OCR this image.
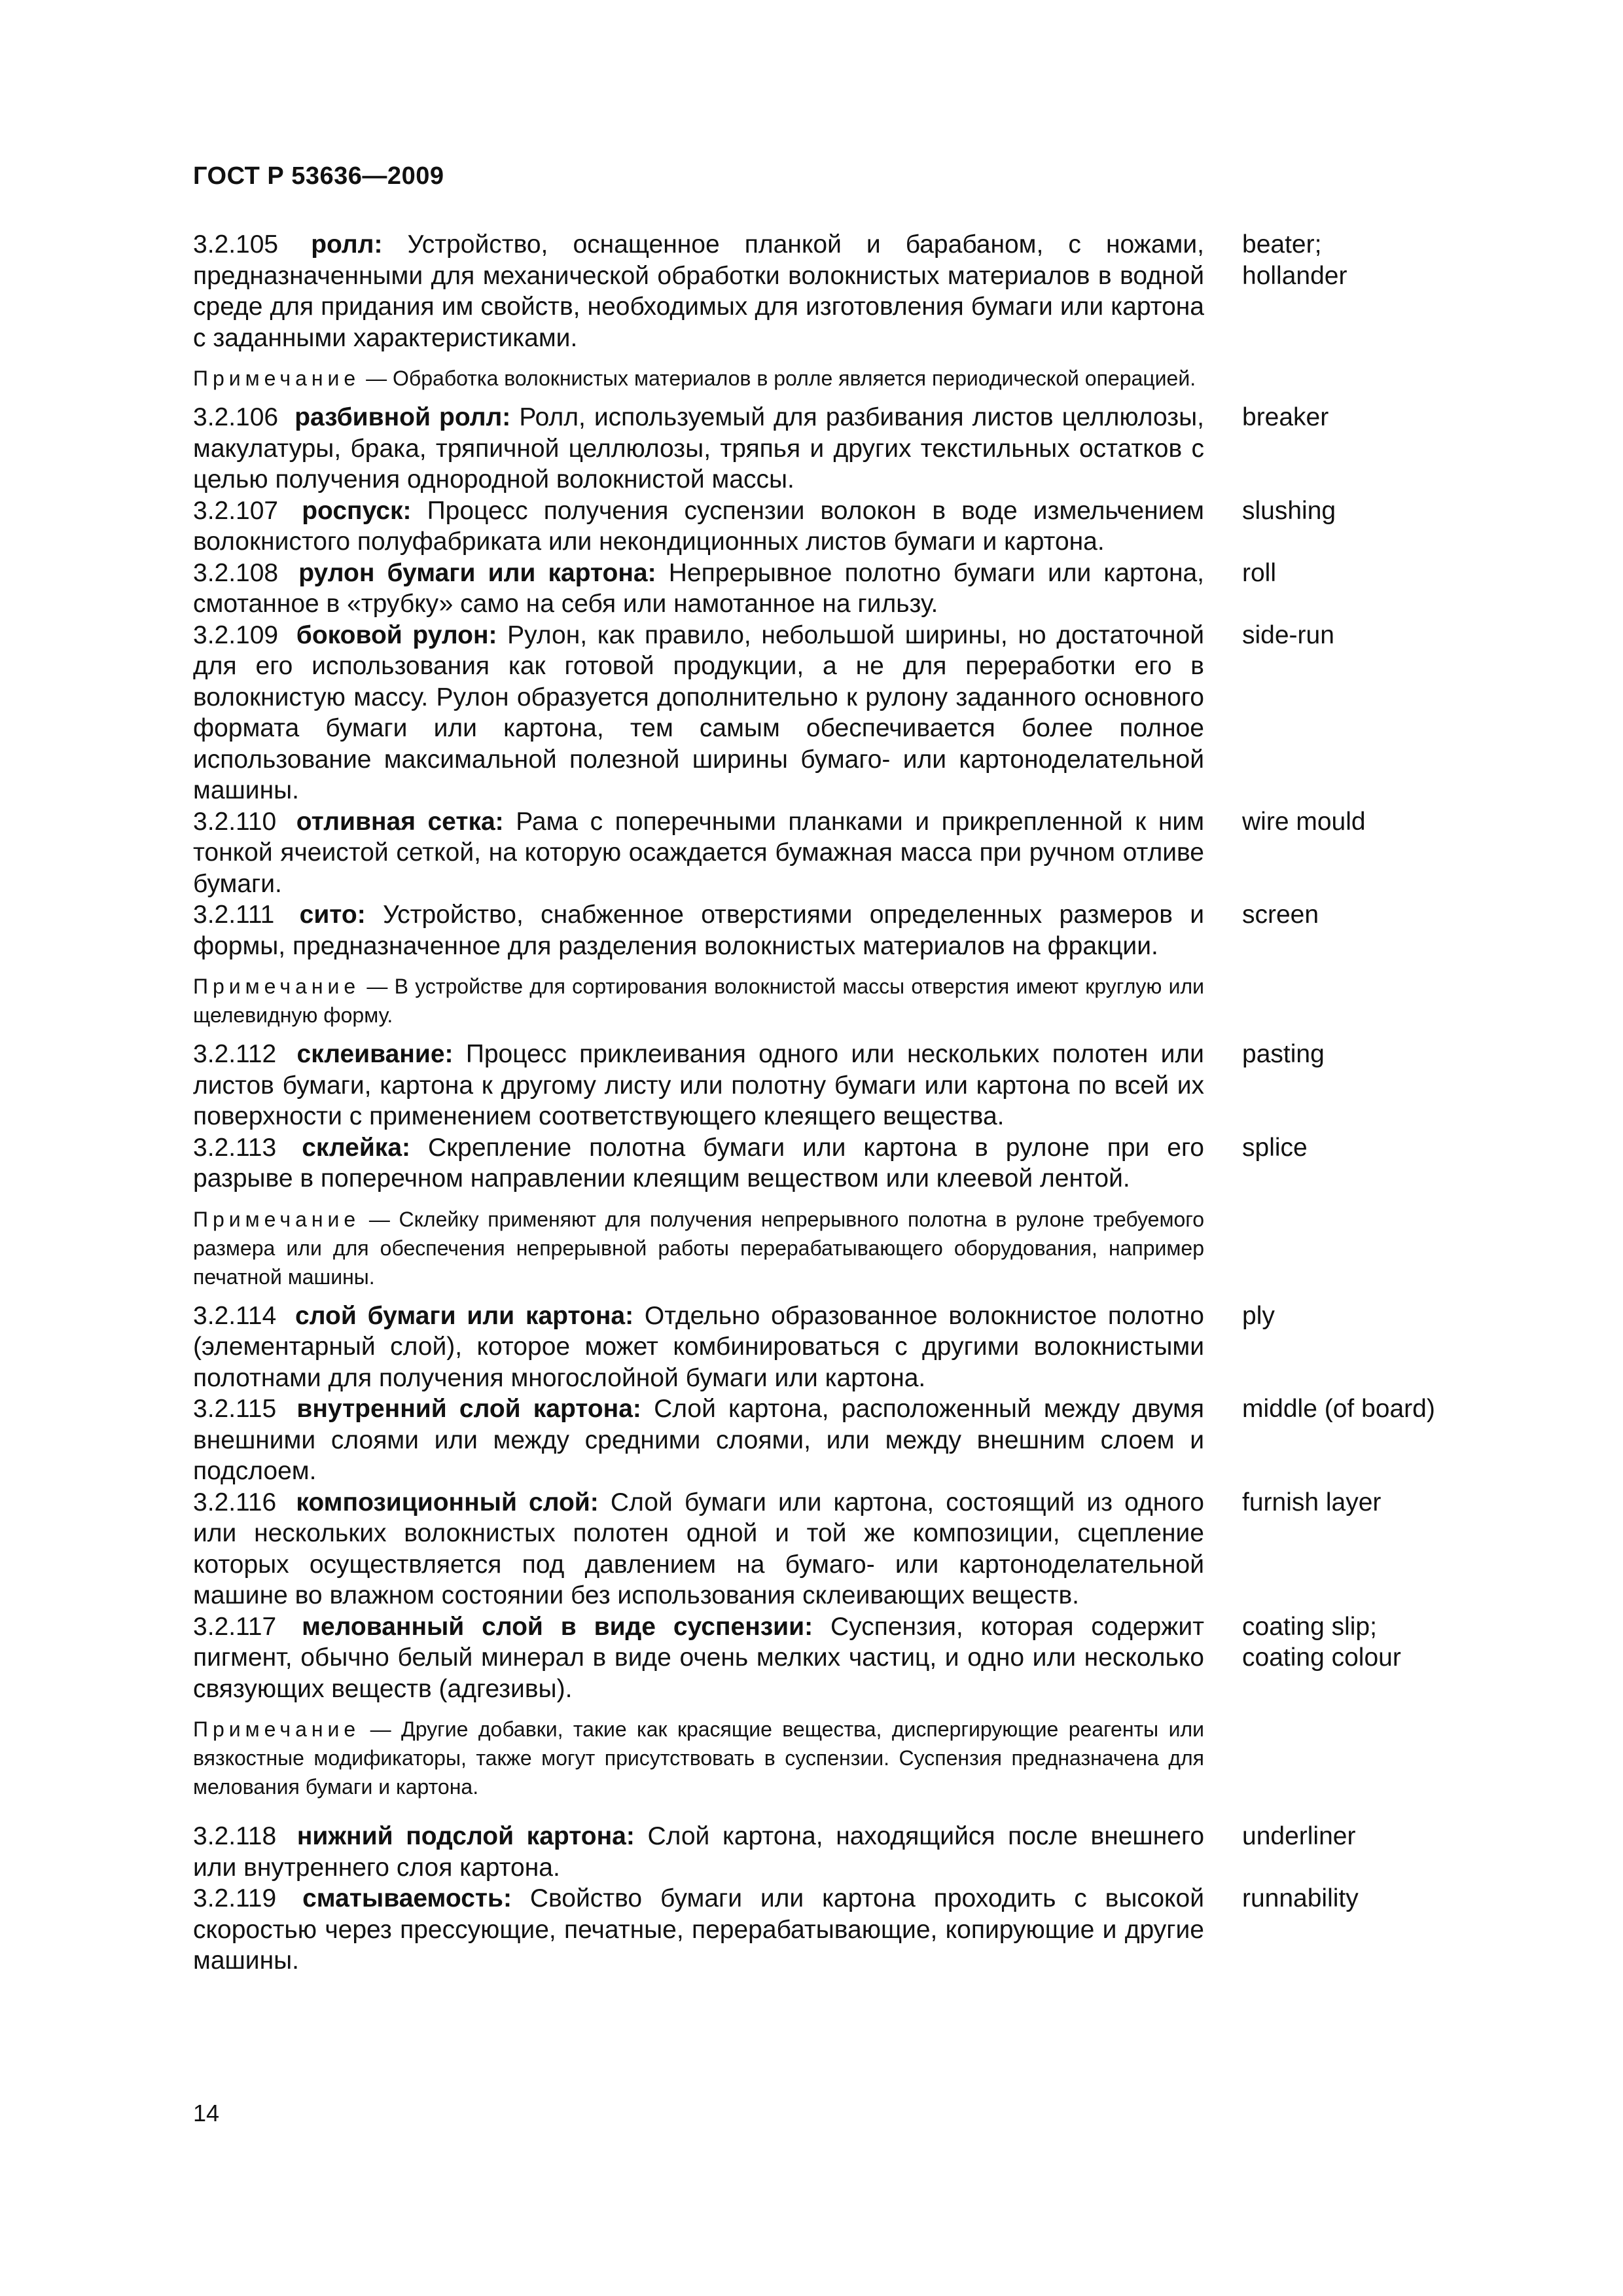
ГОСТ Р 53636—2009
3.2.105 ролл: Устройство, оснащенное планкой и барабаном, с ножами, предназначенными для механической обработки волокнистых материалов в водной среде для придания им свойств, необходимых для изготовления бумаги или картона с заданными характеристиками.
beater;
hollander
Примечание — Обработка волокнистых материалов в ролле является периодической операцией.
3.2.106 разбивной ролл: Ролл, используемый для разбивания листов целлюлозы, макулатуры, брака, тряпичной целлюлозы, тряпья и других текстильных остатков с целью получения однородной волокнистой массы.
breaker
3.2.107 роспуск: Процесс получения суспензии волокон в воде измельчением волокнистого полуфабриката или некондиционных листов бумаги и картона.
slushing
3.2.108 рулон бумаги или картона: Непрерывное полотно бумаги или картона, смотанное в «трубку» само на себя или намотанное на гильзу.
roll
3.2.109 боковой рулон: Рулон, как правило, небольшой ширины, но достаточной для его использования как готовой продукции, а не для переработки его в волокнистую массу. Рулон образуется дополнительно к рулону заданного основного формата бумаги или картона, тем самым обеспечивается более полное использование максимальной полезной ширины бумаго- или картоноделательной машины.
side-run
3.2.110 отливная сетка: Рама с поперечными планками и прикрепленной к ним тонкой ячеистой сеткой, на которую осаждается бумажная масса при ручном отливе бумаги.
wire mould
3.2.111 сито: Устройство, снабженное отверстиями определенных размеров и формы, предназначенное для разделения волокнистых материалов на фракции.
screen
Примечание — В устройстве для сортирования волокнистой массы отверстия имеют круглую или щелевидную форму.
3.2.112 склеивание: Процесс приклеивания одного или нескольких полотен или листов бумаги, картона к другому листу или полотну бумаги или картона по всей их поверхности с применением соответствующего клеящего вещества.
pasting
3.2.113 склейка: Скрепление полотна бумаги или картона в рулоне при его разрыве в поперечном направлении клеящим веществом или клеевой лентой.
splice
Примечание — Склейку применяют для получения непрерывного полотна в рулоне требуемого размера или для обеспечения непрерывной работы перерабатывающего оборудования, например печатной машины.
3.2.114 слой бумаги или картона: Отдельно образованное волокнистое полотно (элементарный слой), которое может комбинироваться с другими волокнистыми полотнами для получения многослойной бумаги или картона.
ply
3.2.115 внутренний слой картона: Слой картона, расположенный между двумя внешними слоями или между средними слоями, или между внешним слоем и подслоем.
middle (of board)
3.2.116 композиционный слой: Слой бумаги или картона, состоящий из одного или нескольких волокнистых полотен одной и той же композиции, сцепление которых осуществляется под давлением на бумаго- или картоноделательной машине во влажном состоянии без использования склеивающих веществ.
furnish layer
3.2.117 мелованный слой в виде суспензии: Суспензия, которая содержит пигмент, обычно белый минерал в виде очень мелких частиц, и одно или несколько связующих веществ (адгезивы).
coating slip;
coating colour
Примечание — Другие добавки, такие как красящие вещества, диспергирующие реагенты или вязкостные модификаторы, также могут присутствовать в суспензии. Суспензия предназначена для мелования бумаги и картона.
3.2.118 нижний подслой картона: Слой картона, находящийся после внешнего или внутреннего слоя картона.
underliner
3.2.119 сматываемость: Свойство бумаги или картона проходить с высокой скоростью через прессующие, печатные, перерабатывающие, копирующие и другие машины.
runnability
14
